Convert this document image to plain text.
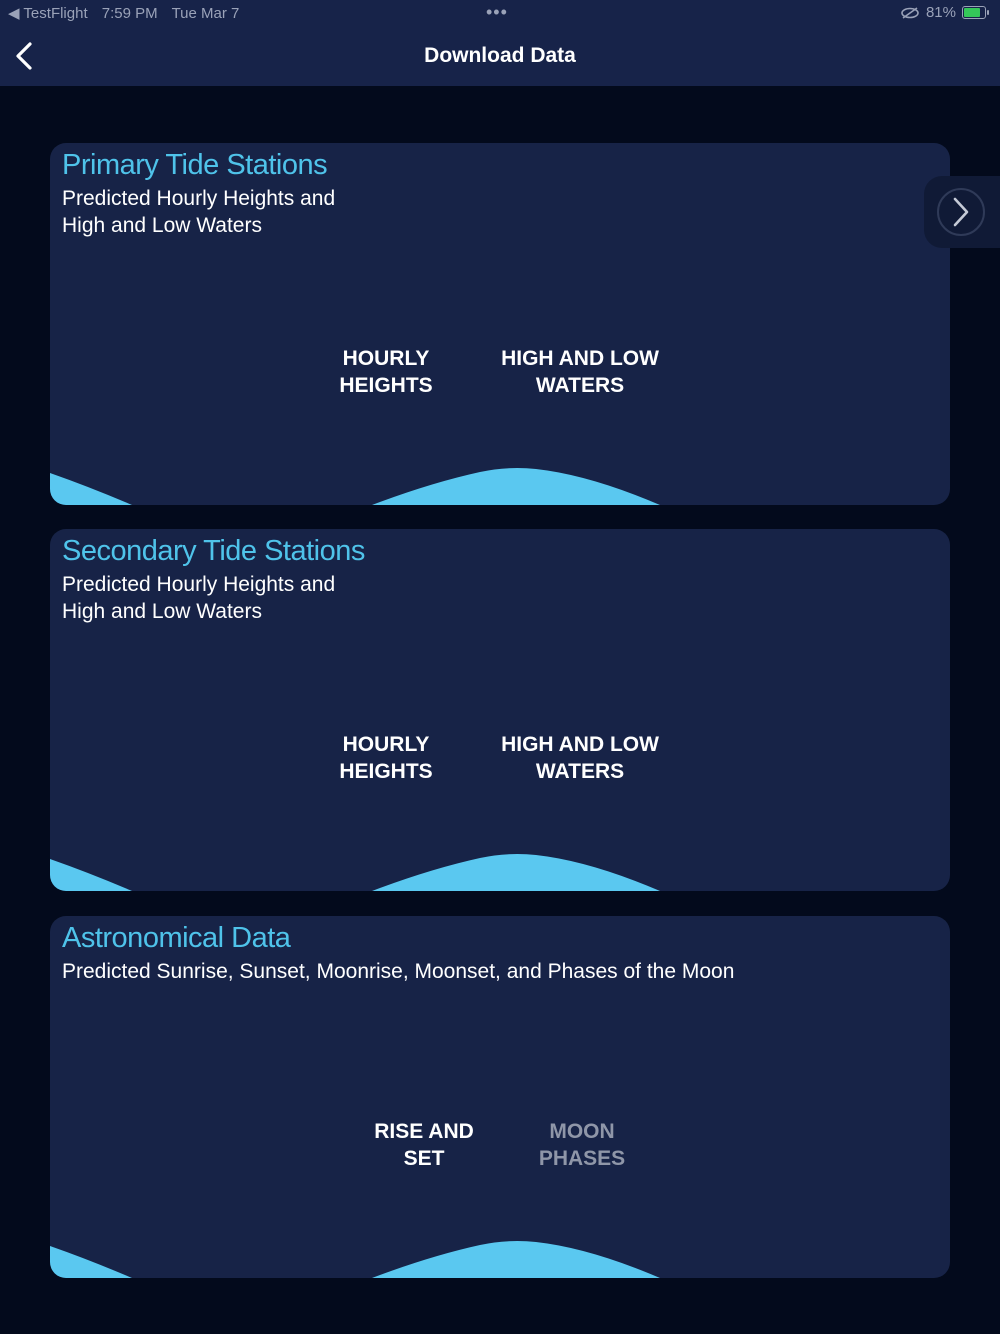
◀ TestFlight 7:59 PM Tue Mar 7	•••	81%
Download Data
Primary Tide Stations
Predicted Hourly Heights and
High and Low Waters
HOURLY
HEIGHTS
HIGH AND LOW
WATERS
Secondary Tide Stations
Predicted Hourly Heights and
High and Low Waters
HOURLY
HEIGHTS
HIGH AND LOW
WATERS
Astronomical Data
Predicted Sunrise, Sunset, Moonrise, Moonset, and Phases of the Moon
RISE AND
SET
MOON
PHASES
